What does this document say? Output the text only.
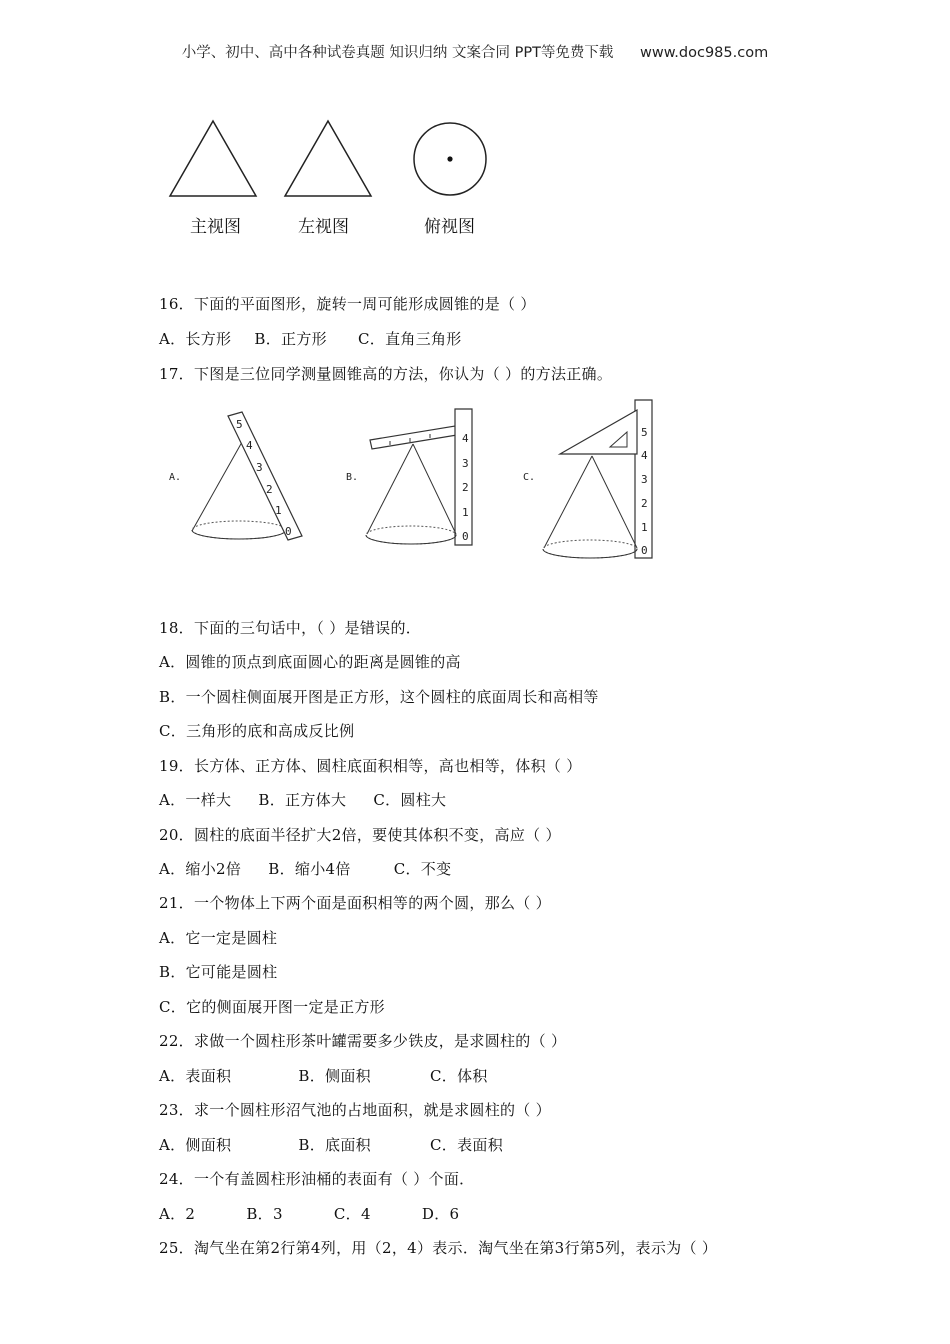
小学、初中、高中各种试卷真题 知识归纳 文案合同 PPT等免费下载 www.doc985.com
主视图	左视图	俯视图
16．下面的平面图形，旋转一周可能形成圆锥的是（ ）
A．长方形 B．正方形 C．直角三角形
17．下图是三位同学测量圆锥高的方法，你认为（ ）的方法正确。
A.	B.	C.
5
4
3
2
1
0
4
3
2
1
0
5
4
3
2
1
0
18．下面的三句话中，（ ）是错误的．
A．圆锥的顶点到底面圆心的距离是圆锥的高
B．一个圆柱侧面展开图是正方形，这个圆柱的底面周长和高相等
C．三角形的底和高成反比例
19．长方体、正方体、圆柱底面积相等，高也相等，体积（ ）
A．一样大 B．正方体大 C．圆柱大
20．圆柱的底面半径扩大2倍，要使其体积不变，高应（ ）
A．缩小2倍 B．缩小4倍	C．不变
21．一个物体上下两个面是面积相等的两个圆，那么（ ）
A．它一定是圆柱
B．它可能是圆柱
C．它的侧面展开图一定是正方形
22．求做一个圆柱形茶叶罐需要多少铁皮，是求圆柱的（ ）
A．表面积	B．侧面积	C．体积
23．求一个圆柱形沼气池的占地面积，就是求圆柱的（ ）
A．侧面积	B．底面积	C．表面积
24．一个有盖圆柱形油桶的表面有（ ）个面．
A．2	B．3	C．4	D．6
25．淘气坐在第2行第4列，用（2，4）表示．淘气坐在第3行第5列，表示为（ ）
